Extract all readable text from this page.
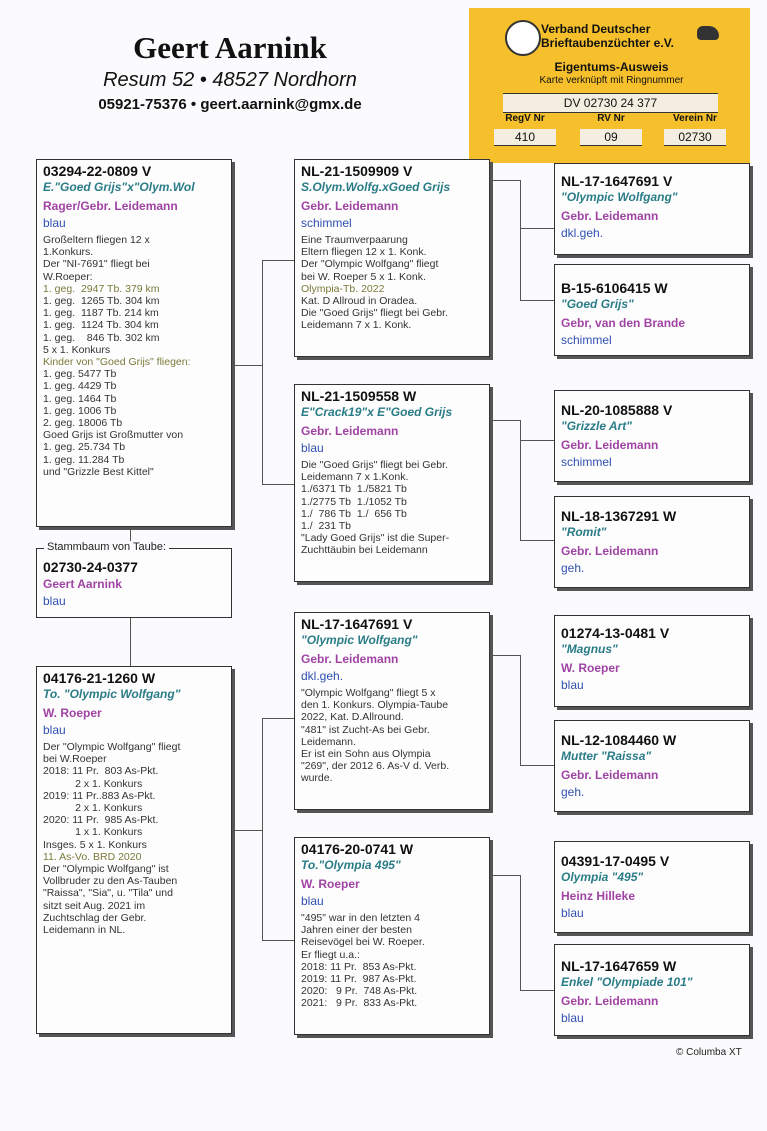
Geert Aarnink
Resum 52 • 48527 Nordhorn
05921-75376 • geert.aarnink@gmx.de
Verband Deutscher
Brieftaubenzüchter e.V.
Eigentums-Ausweis
Karte verknüpft mit Ringnummer
DV 02730 24 377
RegV Nr	RV Nr	Verein Nr
410	09	02730
03294-22-0809 V
E."Goed Grijs"x"Olym.Wol
Rager/Gebr. Leidemann
blau
Großeltern fliegen 12 x
1.Konkurs.
Der "NI-7691" fliegt bei
W.Roeper:
1. geg.  2947 Tb. 379 km
1. geg.  1265 Tb. 304 km
1. geg.  1187 Tb. 214 km
1. geg.  1124 Tb. 304 km
1. geg.    846 Tb. 302 km
5 x 1. Konkurs
Kinder von "Goed Grijs" fliegen:
1. geg. 5477 Tb
1. geg. 4429 Tb
1. geg. 1464 Tb
1. geg. 1006 Tb
2. geg. 18006 Tb
Goed Grijs ist Großmutter von
1. geg. 25.734 Tb
1. geg. 11.284 Tb
und "Grizzle Best Kittel"
02730-24-0377
Geert Aarnink
blau
Stammbaum von Taube:
04176-21-1260 W
To. "Olympic Wolfgang"
W. Roeper
blau
Der "Olympic Wolfgang" fliegt
bei W.Roeper
2018: 11 Pr.  803 As-Pkt.
2 x 1. Konkurs
2019: 11 Pr..883 As-Pkt.
2 x 1. Konkurs
2020: 11 Pr.  985 As-Pkt.
1 x 1. Konkurs
Insges. 5 x 1. Konkurs
11. As-Vo. BRD 2020
Der "Olympic Wolfgang" ist
Vollbruder zu den As-Tauben
"Raissa", "Sia", u. "Tila" und
sitzt seit Aug. 2021 im
Zuchtschlag der Gebr.
Leidemann in NL.
NL-21-1509909 V
S.Olym.Wolfg.xGoed Grijs
Gebr. Leidemann
schimmel
Eine Traumverpaarung
Eltern fliegen 12 x 1. Konk.
Der "Olympic Wolfgang" fliegt
bei W. Roeper 5 x 1. Konk.
Olympia-Tb. 2022
Kat. D Allroud in Oradea.
Die "Goed Grijs" fliegt bei Gebr.
Leidemann 7 x 1. Konk.
NL-21-1509558 W
E"Crack19"x E"Goed Grijs
Gebr. Leidemann
blau
Die "Goed Grijs" fliegt bei Gebr.
Leidemann 7 x 1.Konk.
1./6371 Tb  1./5821 Tb
1./2775 Tb  1./1052 Tb
1./  786 Tb  1./  656 Tb
1./  231 Tb
"Lady Goed Grijs" ist die Super-
Zuchttäubin bei Leidemann
NL-17-1647691 V
"Olympic Wolfgang"
Gebr. Leidemann
dkl.geh.
"Olympic Wolfgang" fliegt 5 x
den 1. Konkurs. Olympia-Taube
2022, Kat. D.Allround.
"481" ist Zucht-As bei Gebr.
Leidemann.
Er ist ein Sohn aus Olympia
"269", der 2012 6. As-V d. Verb.
wurde.
04176-20-0741 W
To."Olympia 495"
W. Roeper
blau
"495" war in den letzten 4
Jahren einer der besten
Reisevögel bei W. Roeper.
Er fliegt u.a.:
2018: 11 Pr.  853 As-Pkt.
2019: 11 Pr.  987 As-Pkt.
2020:   9 Pr.  748 As-Pkt.
2021:   9 Pr.  833 As-Pkt.
NL-17-1647691 V
"Olympic Wolfgang"
Gebr. Leidemann
dkl.geh.
B-15-6106415 W
"Goed Grijs"
Gebr, van den Brande
schimmel
NL-20-1085888 V
"Grizzle Art"
Gebr. Leidemann
schimmel
NL-18-1367291 W
"Romit"
Gebr. Leidemann
geh.
01274-13-0481 V
"Magnus"
W. Roeper
blau
NL-12-1084460 W
Mutter "Raissa"
Gebr. Leidemann
geh.
04391-17-0495 V
Olympia "495"
Heinz Hilleke
blau
NL-17-1647659 W
Enkel "Olympiade 101"
Gebr. Leidemann
blau
© Columba XT
